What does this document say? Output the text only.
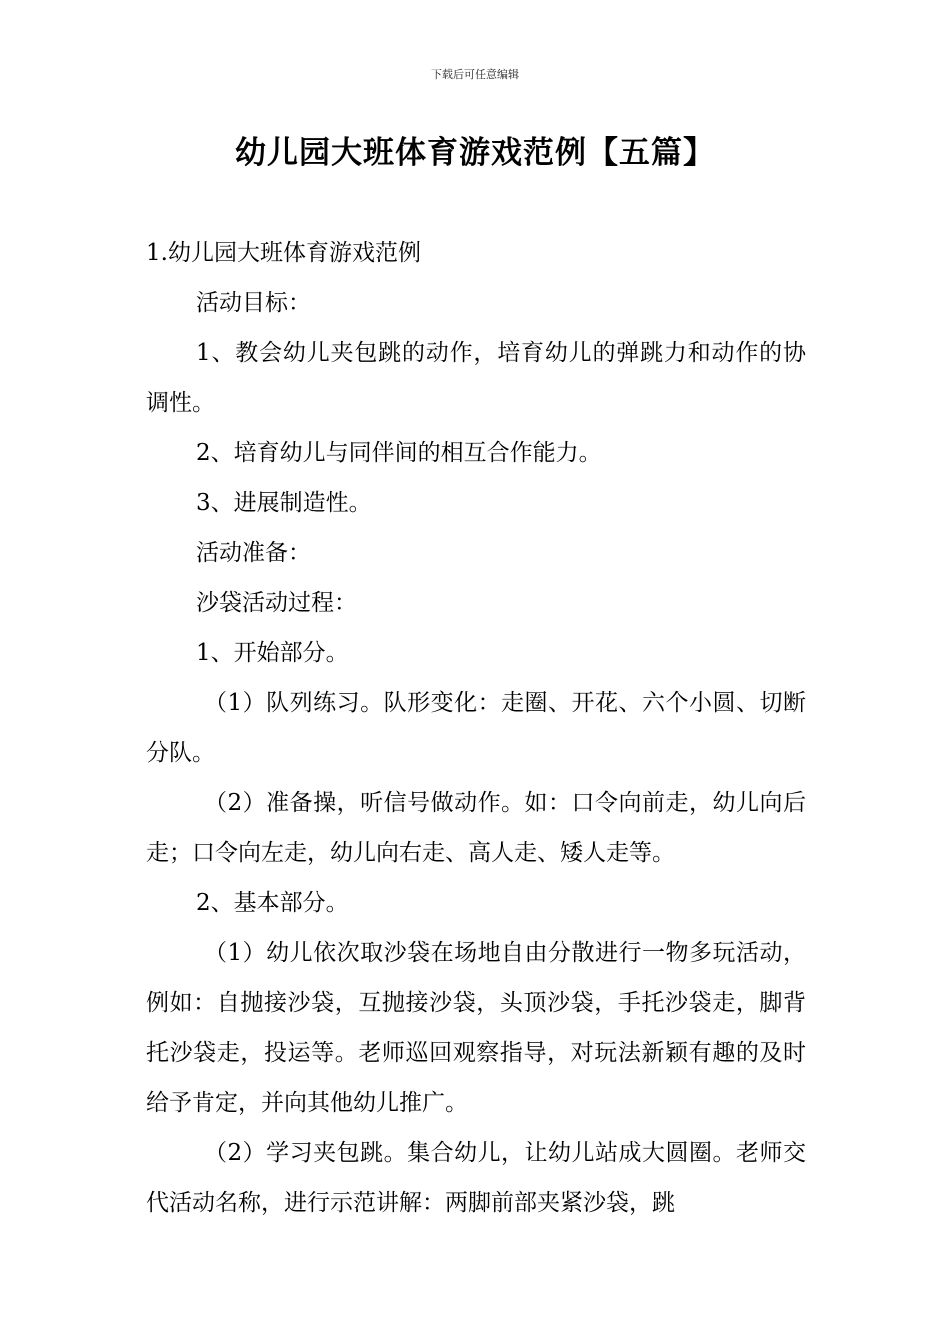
下载后可任意编辑
幼儿园大班体育游戏范例【五篇】

1.幼儿园大班体育游戏范例

活动目标：

1、教会幼儿夹包跳的动作，培育幼儿的弹跳力和动作的协调性。

2、培育幼儿与同伴间的相互合作能力。

3、进展制造性。

活动准备：

沙袋活动过程：

1、开始部分。

（1）队列练习。队形变化：走圈、开花、六个小圆、切断分队。

（2）准备操，听信号做动作。如：口令向前走，幼儿向后走；口令向左走，幼儿向右走、高人走、矮人走等。

2、基本部分。

（1）幼儿依次取沙袋在场地自由分散进行一物多玩活动，例如：自抛接沙袋，互抛接沙袋，头顶沙袋，手托沙袋走，脚背托沙袋走，投运等。老师巡回观察指导，对玩法新颖有趣的及时给予肯定，并向其他幼儿推广。

（2）学习夹包跳。集合幼儿，让幼儿站成大圆圈。老师交代活动名称，进行示范讲解：两脚前部夹紧沙袋，跳
